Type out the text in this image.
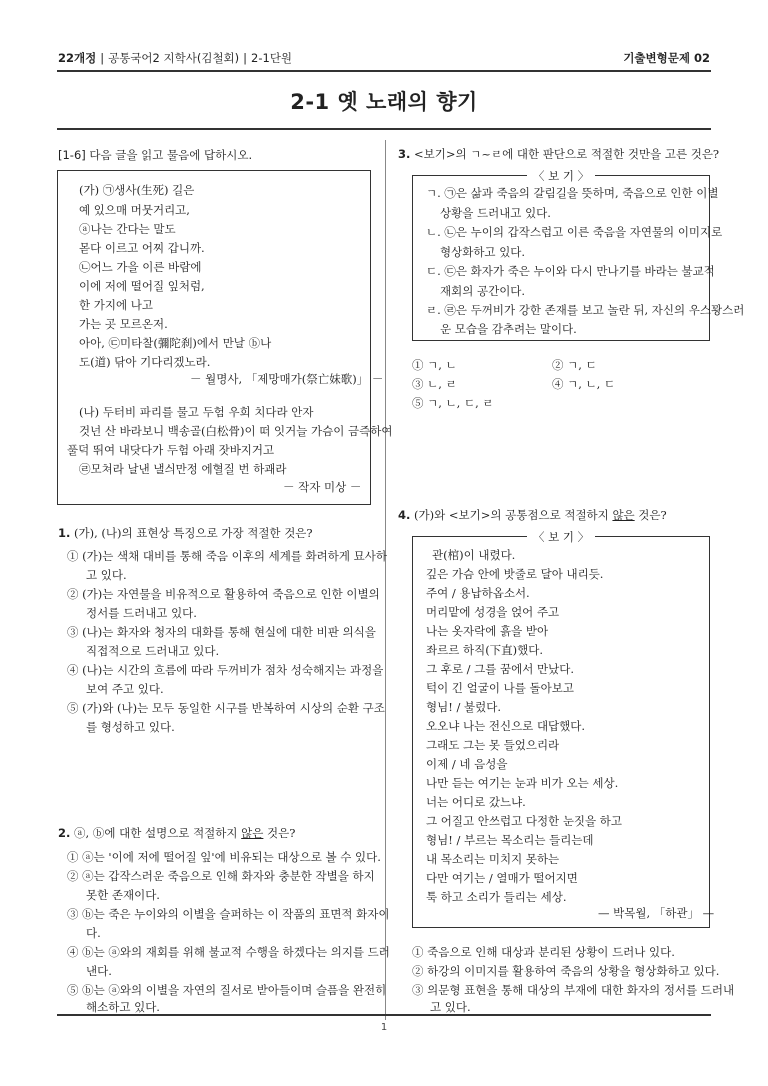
22개정 | 공통국어2 지학사(김철회) | 2-1단원	기출변형문제 02
2-1 옛 노래의 향기
[1-6] 다음 글을 읽고 물음에 답하시오.
(가) ㉠생사(生死) 길은
예 있으매 머뭇거리고,
ⓐ나는 간다는 말도
몯다 이르고 어찌 갑니까.
㉡어느 가을 이른 바람에
이에 저에 떨어질 잎처럼,
한 가지에 나고
가는 곳 모르온저.
아아, ㉢미타찰(彌陀刹)에서 만날 ⓑ나
도(道) 닦아 기다리겠노라.
－ 월명사, 「제망매가(祭亡妹歌)」 －
(나) 두터비 파리를 물고 두험 우희 치다라 안자
것넌 산 바라보니 백송골(白松骨)이 떠 잇거늘 가슴이 금즉하여
풀덕 뛰여 내닷다가 두험 아래 잣바지거고
㉣모쳐라 날낸 낼싀만정 에혈질 번 하괘라
－ 작자 미상 －
1. (가), (나)의 표현상 특징으로 가장 적절한 것은?
① (가)는 색채 대비를 통해 죽음 이후의 세계를 화려하게 묘사하
고 있다.
② (가)는 자연물을 비유적으로 활용하여 죽음으로 인한 이별의
정서를 드러내고 있다.
③ (나)는 화자와 청자의 대화를 통해 현실에 대한 비판 의식을
직접적으로 드러내고 있다.
④ (나)는 시간의 흐름에 따라 두꺼비가 점차 성숙해지는 과정을
보여 주고 있다.
⑤ (가)와 (나)는 모두 동일한 시구를 반복하여 시상의 순환 구조
를 형성하고 있다.
2. ⓐ, ⓑ에 대한 설명으로 적절하지 않은 것은?
① ⓐ는 '이에 저에 떨어질 잎'에 비유되는 대상으로 볼 수 있다.
② ⓐ는 갑작스러운 죽음으로 인해 화자와 충분한 작별을 하지
못한 존재이다.
③ ⓑ는 죽은 누이와의 이별을 슬퍼하는 이 작품의 표면적 화자이
다.
④ ⓑ는 ⓐ와의 재회를 위해 불교적 수행을 하겠다는 의지를 드러
낸다.
⑤ ⓑ는 ⓐ와의 이별을 자연의 질서로 받아들이며 슬픔을 완전히
해소하고 있다.
3. <보기>의 ㄱ~ㄹ에 대한 판단으로 적절한 것만을 고른 것은?
〈 보 기 〉
ㄱ. ㉠은 삶과 죽음의 갈림길을 뜻하며, 죽음으로 인한 이별
상황을 드러내고 있다.
ㄴ. ㉡은 누이의 갑작스럽고 이른 죽음을 자연물의 이미지로
형상화하고 있다.
ㄷ. ㉢은 화자가 죽은 누이와 다시 만나기를 바라는 불교적
재회의 공간이다.
ㄹ. ㉣은 두꺼비가 강한 존재를 보고 놀란 뒤, 자신의 우스꽝스러
운 모습을 감추려는 말이다.
① ㄱ, ㄴ	② ㄱ, ㄷ
③ ㄴ, ㄹ	④ ㄱ, ㄴ, ㄷ
⑤ ㄱ, ㄴ, ㄷ, ㄹ
4. (가)와 <보기>의 공통점으로 적절하지 않은 것은?
〈 보 기 〉
관(棺)이 내렸다.
깊은 가슴 안에 밧줄로 달아 내리듯.
주여 / 용납하옵소서.
머리맡에 성경을 얹어 주고
나는 옷자락에 흙을 받아
좌르르 하직(下直)했다.
그 후로 / 그를 꿈에서 만났다.
턱이 긴 얼굴이 나를 돌아보고
형님! / 불렀다.
오오냐 나는 전신으로 대답했다.
그래도 그는 못 들었으리라
이제 / 네 음성을
나만 듣는 여기는 눈과 비가 오는 세상.
너는 어디로 갔느냐.
그 어질고 안쓰럽고 다정한 눈짓을 하고
형님! / 부르는 목소리는 들리는데
내 목소리는 미치지 못하는
다만 여기는 / 열매가 떨어지면
툭 하고 소리가 들리는 세상.
— 박목월, 「하관」 —
① 죽음으로 인해 대상과 분리된 상황이 드러나 있다.
② 하강의 이미지를 활용하여 죽음의 상황을 형상화하고 있다.
③ 의문형 표현을 통해 대상의 부재에 대한 화자의 정서를 드러내
고 있다.
1
